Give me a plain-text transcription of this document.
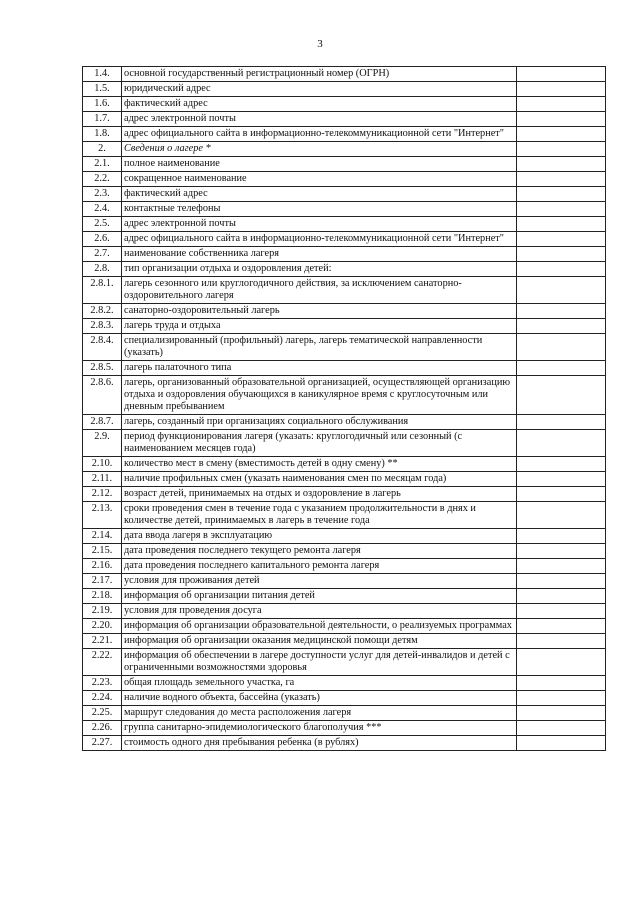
3
1.4.	основной государственный регистрационный номер (ОГРН)	
1.5.	юридический адрес	
1.6.	фактический адрес	
1.7.	адрес электронной почты	
1.8.	адрес официального сайта в информационно-телекоммуникационной сети "Интернет"	
2.	Сведения о лагере *	
2.1.	полное наименование	
2.2.	сокращенное наименование	
2.3.	фактический адрес	
2.4.	контактные телефоны	
2.5.	адрес электронной почты	
2.6.	адрес официального сайта в информационно-телекоммуникационной сети "Интернет"	
2.7.	наименование собственника лагеря	
2.8.	тип организации отдыха и оздоровления детей:	
2.8.1.	лагерь сезонного или круглогодичного действия, за исключением санаторно-оздоровительного лагеря	
2.8.2.	санаторно-оздоровительный лагерь	
2.8.3.	лагерь труда и отдыха	
2.8.4.	специализированный (профильный) лагерь, лагерь тематической направленности (указать)	
2.8.5.	лагерь палаточного типа	
2.8.6.	лагерь, организованный образовательной организацией, осуществляющей организацию отдыха и оздоровления обучающихся в каникулярное время с круглосуточным или дневным пребыванием	
2.8.7.	лагерь, созданный при организациях социального обслуживания	
2.9.	период функционирования лагеря (указать: круглогодичный или сезонный (с наименованием месяцев года)	
2.10.	количество мест в смену (вместимость детей в одну смену) **	
2.11.	наличие профильных смен (указать наименования смен по месяцам года)	
2.12.	возраст детей, принимаемых на отдых и оздоровление в лагерь	
2.13.	сроки проведения смен в течение года с указанием продолжительности в днях и количестве детей, принимаемых в лагерь в течение года	
2.14.	дата ввода лагеря в эксплуатацию	
2.15.	дата проведения последнего текущего ремонта лагеря	
2.16.	дата проведения последнего капитального ремонта лагеря	
2.17.	условия для проживания детей	
2.18.	информация об организации питания детей	
2.19.	условия для проведения досуга	
2.20.	информация об организации образовательной деятельности, о реализуемых программах	
2.21.	информация об организации оказания медицинской помощи детям	
2.22.	информация об обеспечении в лагере доступности услуг для детей-инвалидов и детей с ограниченными возможностями здоровья	
2.23.	общая площадь земельного участка, га	
2.24.	наличие водного объекта, бассейна (указать)	
2.25.	маршрут следования до места расположения лагеря	
2.26.	группа санитарно-эпидемиологического благополучия ***	
2.27.	стоимость одного дня пребывания ребенка (в рублях)	
